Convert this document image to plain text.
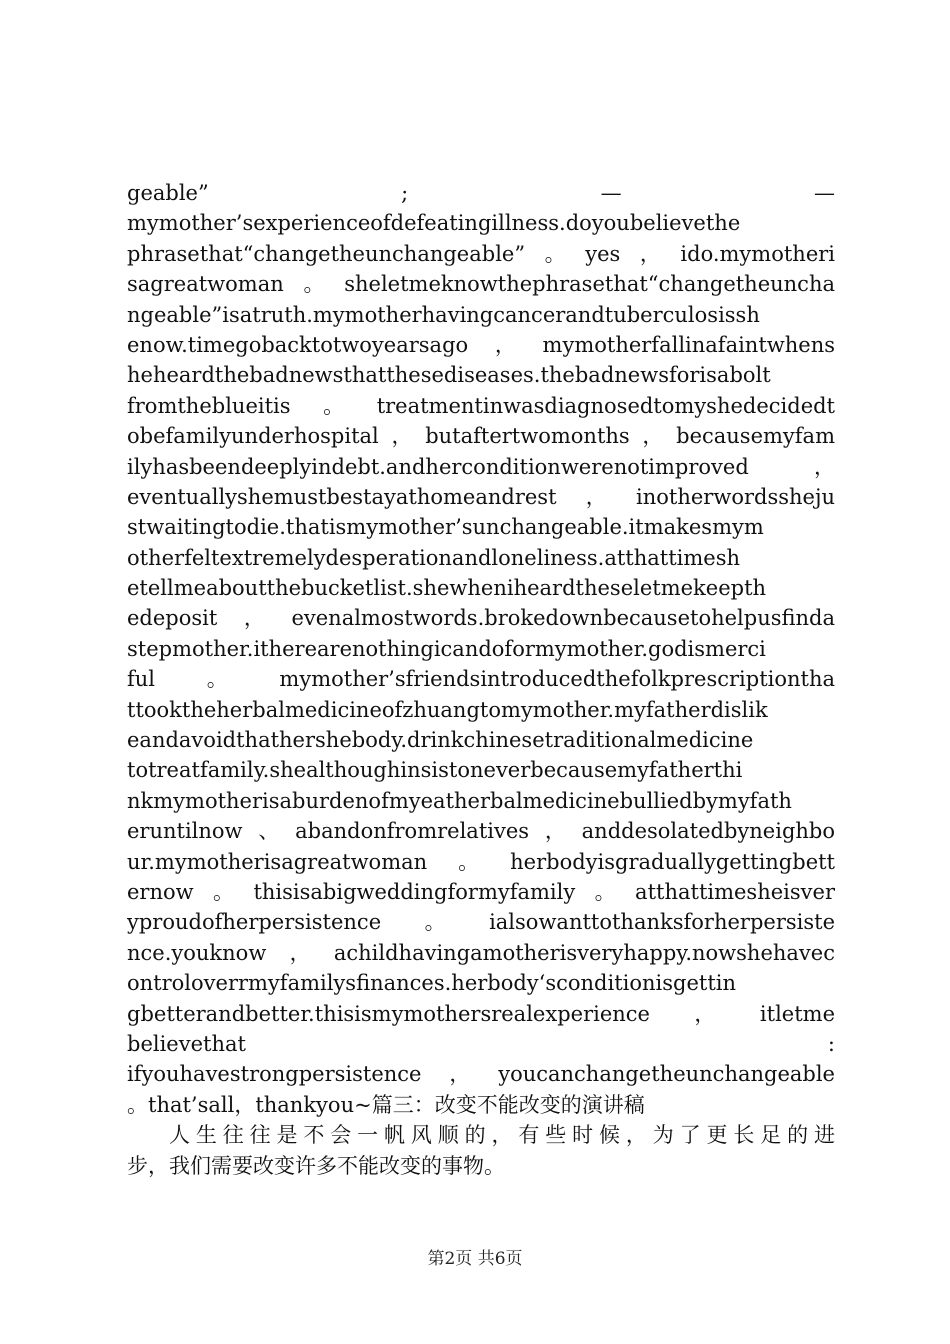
geable” ; — —
mymother’sexperienceofdefeatingillness.doyoubelievethe
phrasethat“changetheunchangeable”。yes，ido.mymotheri
sagreatwoman。sheletmeknowthephrasethat“changetheuncha
ngeable”isatruth.mymotherhavingcancerandtuberculosissh
enow.timegobacktotwoyearsago，mymotherfallinafaintwhens
heheardthebadnewsthatthesediseases.thebadnewsforisabolt
fromtheblueitis。treatmentinwasdiagnosedtomyshedecidedt
obefamilyunderhospital，butaftertwomonths，becausemyfam
ilyhasbeendeeplyindebt.andherconditionwerenotimproved，
eventuallyshemustbestayathomeandrest，inotherwordssheju
stwaitingtodie.thatismymother’sunchangeable.itmakesmym
otherfeltextremelydesperationandloneliness.atthattimesh
etellmeaboutthebucketlist.shewheniheardtheseletmekeepth
edeposit，evenalmostwords.brokedownbecausetohelpusfinda
stepmother.itherearenothingicandoformymother.godismerci
ful。mymother’sfriendsintroducedthefolkprescriptiontha
ttooktheherbalmedicineofzhuangtomymother.myfatherdislik
eandavoidthathershebody.drinkchinesetraditionalmedicine
totreatfamily.shealthoughinsistoneverbecausemyfatherthi
nkmymotherisaburdenofmyeatherbalmedicinebulliedbymyfath
eruntilnow、abandonfromrelatives，anddesolatedbyneighbo
ur.mymotherisagreatwoman。herbodyisgraduallygettingbett
ernow。thisisabigweddingformyfamily。atthattimesheisver
yproudofherpersistence。ialsowanttothanksforherpersiste
nce.youknow，achildhavingamotherisveryhappy.nowshehavec
ontroloverrmyfamilysfinances.herbody‘sconditionisgettin
gbetterandbetter.thisismymothersrealexperience，itletme
believethat :
ifyouhavestrongpersistence，youcanchangetheunchangeable
。that’sall，thankyou~篇三：改变不能改变的演讲稿
人生往往是不会一帆风顺的，有些时候，为了更长足的进
步，我们需要改变许多不能改变的事物。
第2页 共6页
